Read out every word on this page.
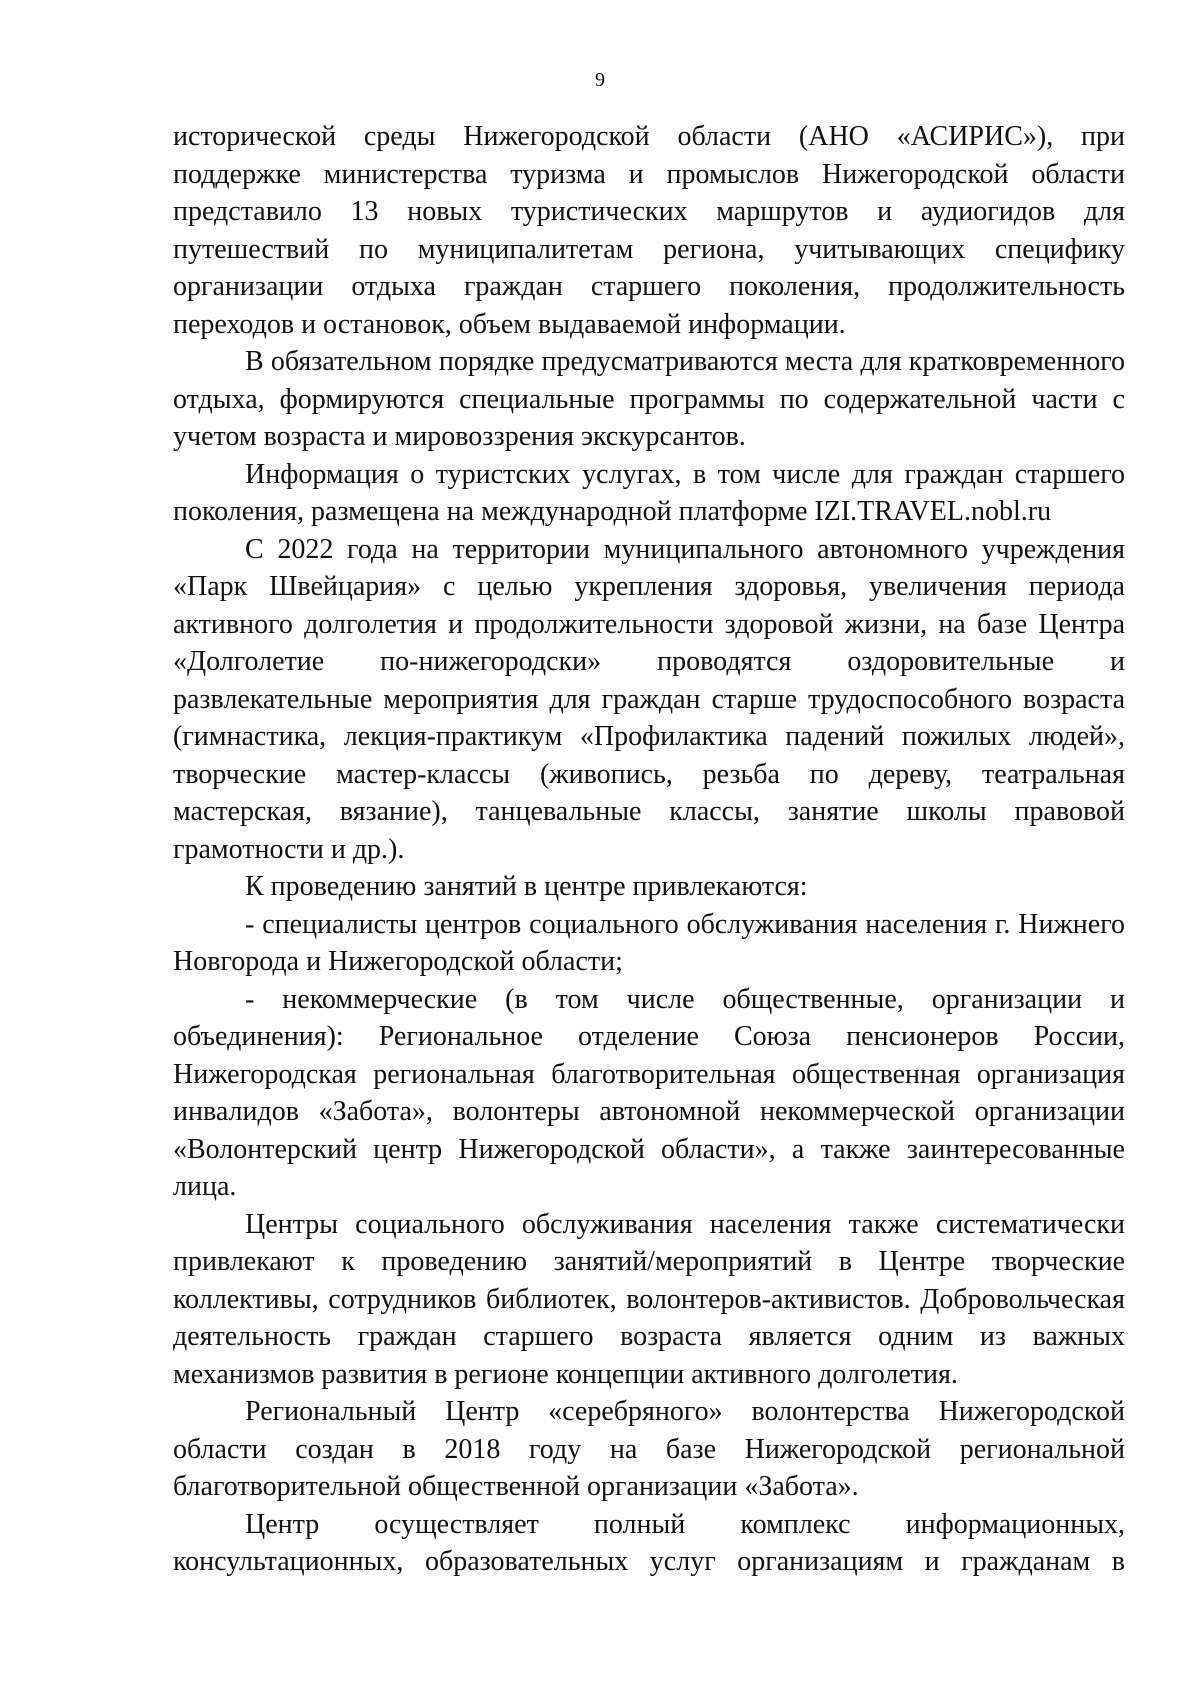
9

исторической среды Нижегородской области (АНО «АСИРИС»), при поддержке министерства туризма и промыслов Нижегородской области представило 13 новых туристических маршрутов и аудиогидов для путешествий по муниципалитетам региона, учитывающих специфику организации отдыха граждан старшего поколения, продолжительность переходов и остановок, объем выдаваемой информации.

В обязательном порядке предусматриваются места для кратковременного отдыха, формируются специальные программы по содержательной части с учетом возраста и мировоззрения экскурсантов.

Информация о туристских услугах, в том числе для граждан старшего поколения, размещена на международной платформе IZI.TRAVEL.nobl.ru

С 2022 года на территории муниципального автономного учреждения «Парк Швейцария» с целью укрепления здоровья, увеличения периода активного долголетия и продолжительности здоровой жизни, на базе Центра «Долголетие по-нижегородски» проводятся оздоровительные и развлекательные мероприятия для граждан старше трудоспособного возраста (гимнастика, лекция-практикум «Профилактика падений пожилых людей», творческие мастер-классы (живопись, резьба по дереву, театральная мастерская, вязание), танцевальные классы, занятие школы правовой грамотности и др.).

К проведению занятий в центре привлекаются:

- специалисты центров социального обслуживания населения г. Нижнего Новгорода и Нижегородской области;

- некоммерческие (в том числе общественные, организации и объединения): Региональное отделение Союза пенсионеров России, Нижегородская региональная благотворительная общественная организация инвалидов «Забота», волонтеры автономной некоммерческой организации «Волонтерский центр Нижегородской области», а также заинтересованные лица.

Центры социального обслуживания населения также систематически привлекают к проведению занятий/мероприятий в Центре творческие коллективы, сотрудников библиотек, волонтеров-активистов. Добровольческая деятельность граждан старшего возраста является одним из важных механизмов развития в регионе концепции активного долголетия.

Региональный Центр «серебряного» волонтерства Нижегородской области создан в 2018 году на базе Нижегородской региональной благотворительной общественной организации «Забота».

Центр осуществляет полный комплекс информационных, консультационных, образовательных услуг организациям и гражданам в
